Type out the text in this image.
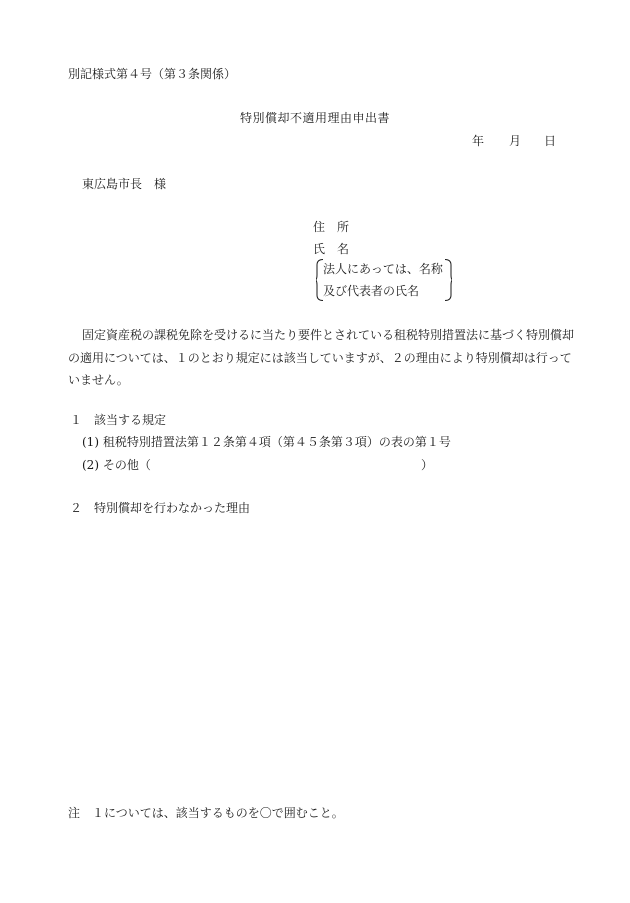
別記様式第４号（第３条関係）
特別償却不適用理由申出書
年 月 日
東広島市長　様
住　所
氏　名
法人にあっては、名称
及び代表者の氏名
固定資産税の課税免除を受けるに当たり要件とされている租税特別措置法に基づく特別償却の適用については、１のとおり規定には該当していますが、２の理由により特別償却は行っていません。
１　該当する規定
(1) 租税特別措置法第１２条第４項（第４５条第３項）の表の第１号
(2) その他（	）
２　特別償却を行わなかった理由
注　１については、該当するものを〇で囲むこと。
